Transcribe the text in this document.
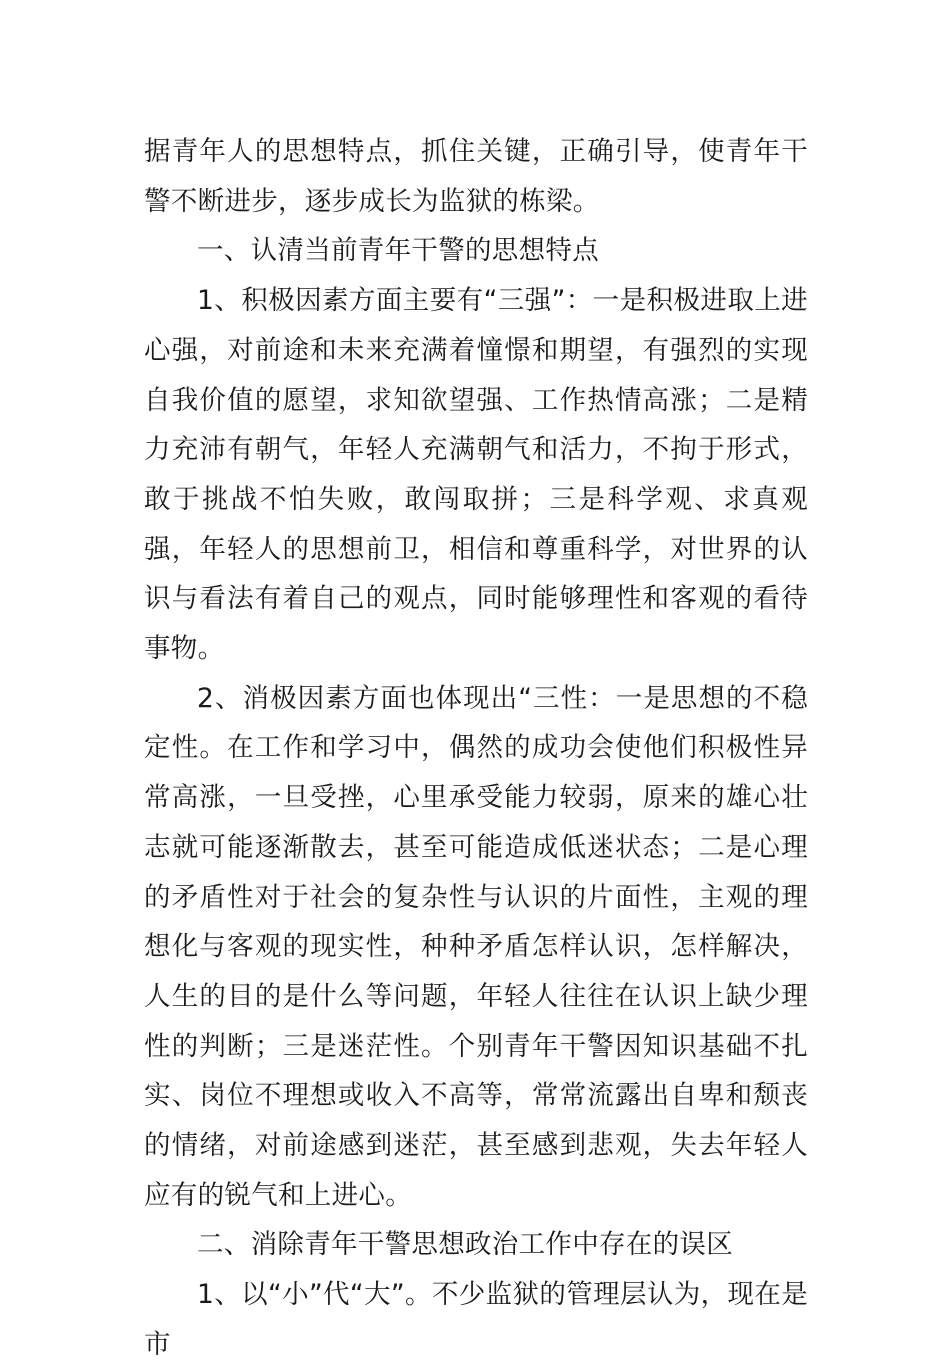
据青年人的思想特点，抓住关键，正确引导，使青年干警不断进步，逐步成长为监狱的栋梁。

一、认清当前青年干警的思想特点

1、积极因素方面主要有“三强”：一是积极进取上进心强，对前途和未来充满着憧憬和期望，有强烈的实现自我价值的愿望，求知欲望强、工作热情高涨；二是精力充沛有朝气，年轻人充满朝气和活力，不拘于形式，敢于挑战不怕失败，敢闯取拼；三是科学观、求真观强，年轻人的思想前卫，相信和尊重科学，对世界的认识与看法有着自己的观点，同时能够理性和客观的看待事物。

2、消极因素方面也体现出“三性：一是思想的不稳定性。在工作和学习中，偶然的成功会使他们积极性异常高涨，一旦受挫，心里承受能力较弱，原来的雄心壮志就可能逐渐散去，甚至可能造成低迷状态；二是心理的矛盾性对于社会的复杂性与认识的片面性，主观的理想化与客观的现实性，种种矛盾怎样认识，怎样解决，人生的目的是什么等问题，年轻人往往在认识上缺少理性的判断；三是迷茫性。个别青年干警因知识基础不扎实、岗位不理想或收入不高等，常常流露出自卑和颓丧的情绪，对前途感到迷茫，甚至感到悲观，失去年轻人应有的锐气和上进心。

二、消除青年干警思想政治工作中存在的误区

1、以“小”代“大”。不少监狱的管理层认为，现在是市
